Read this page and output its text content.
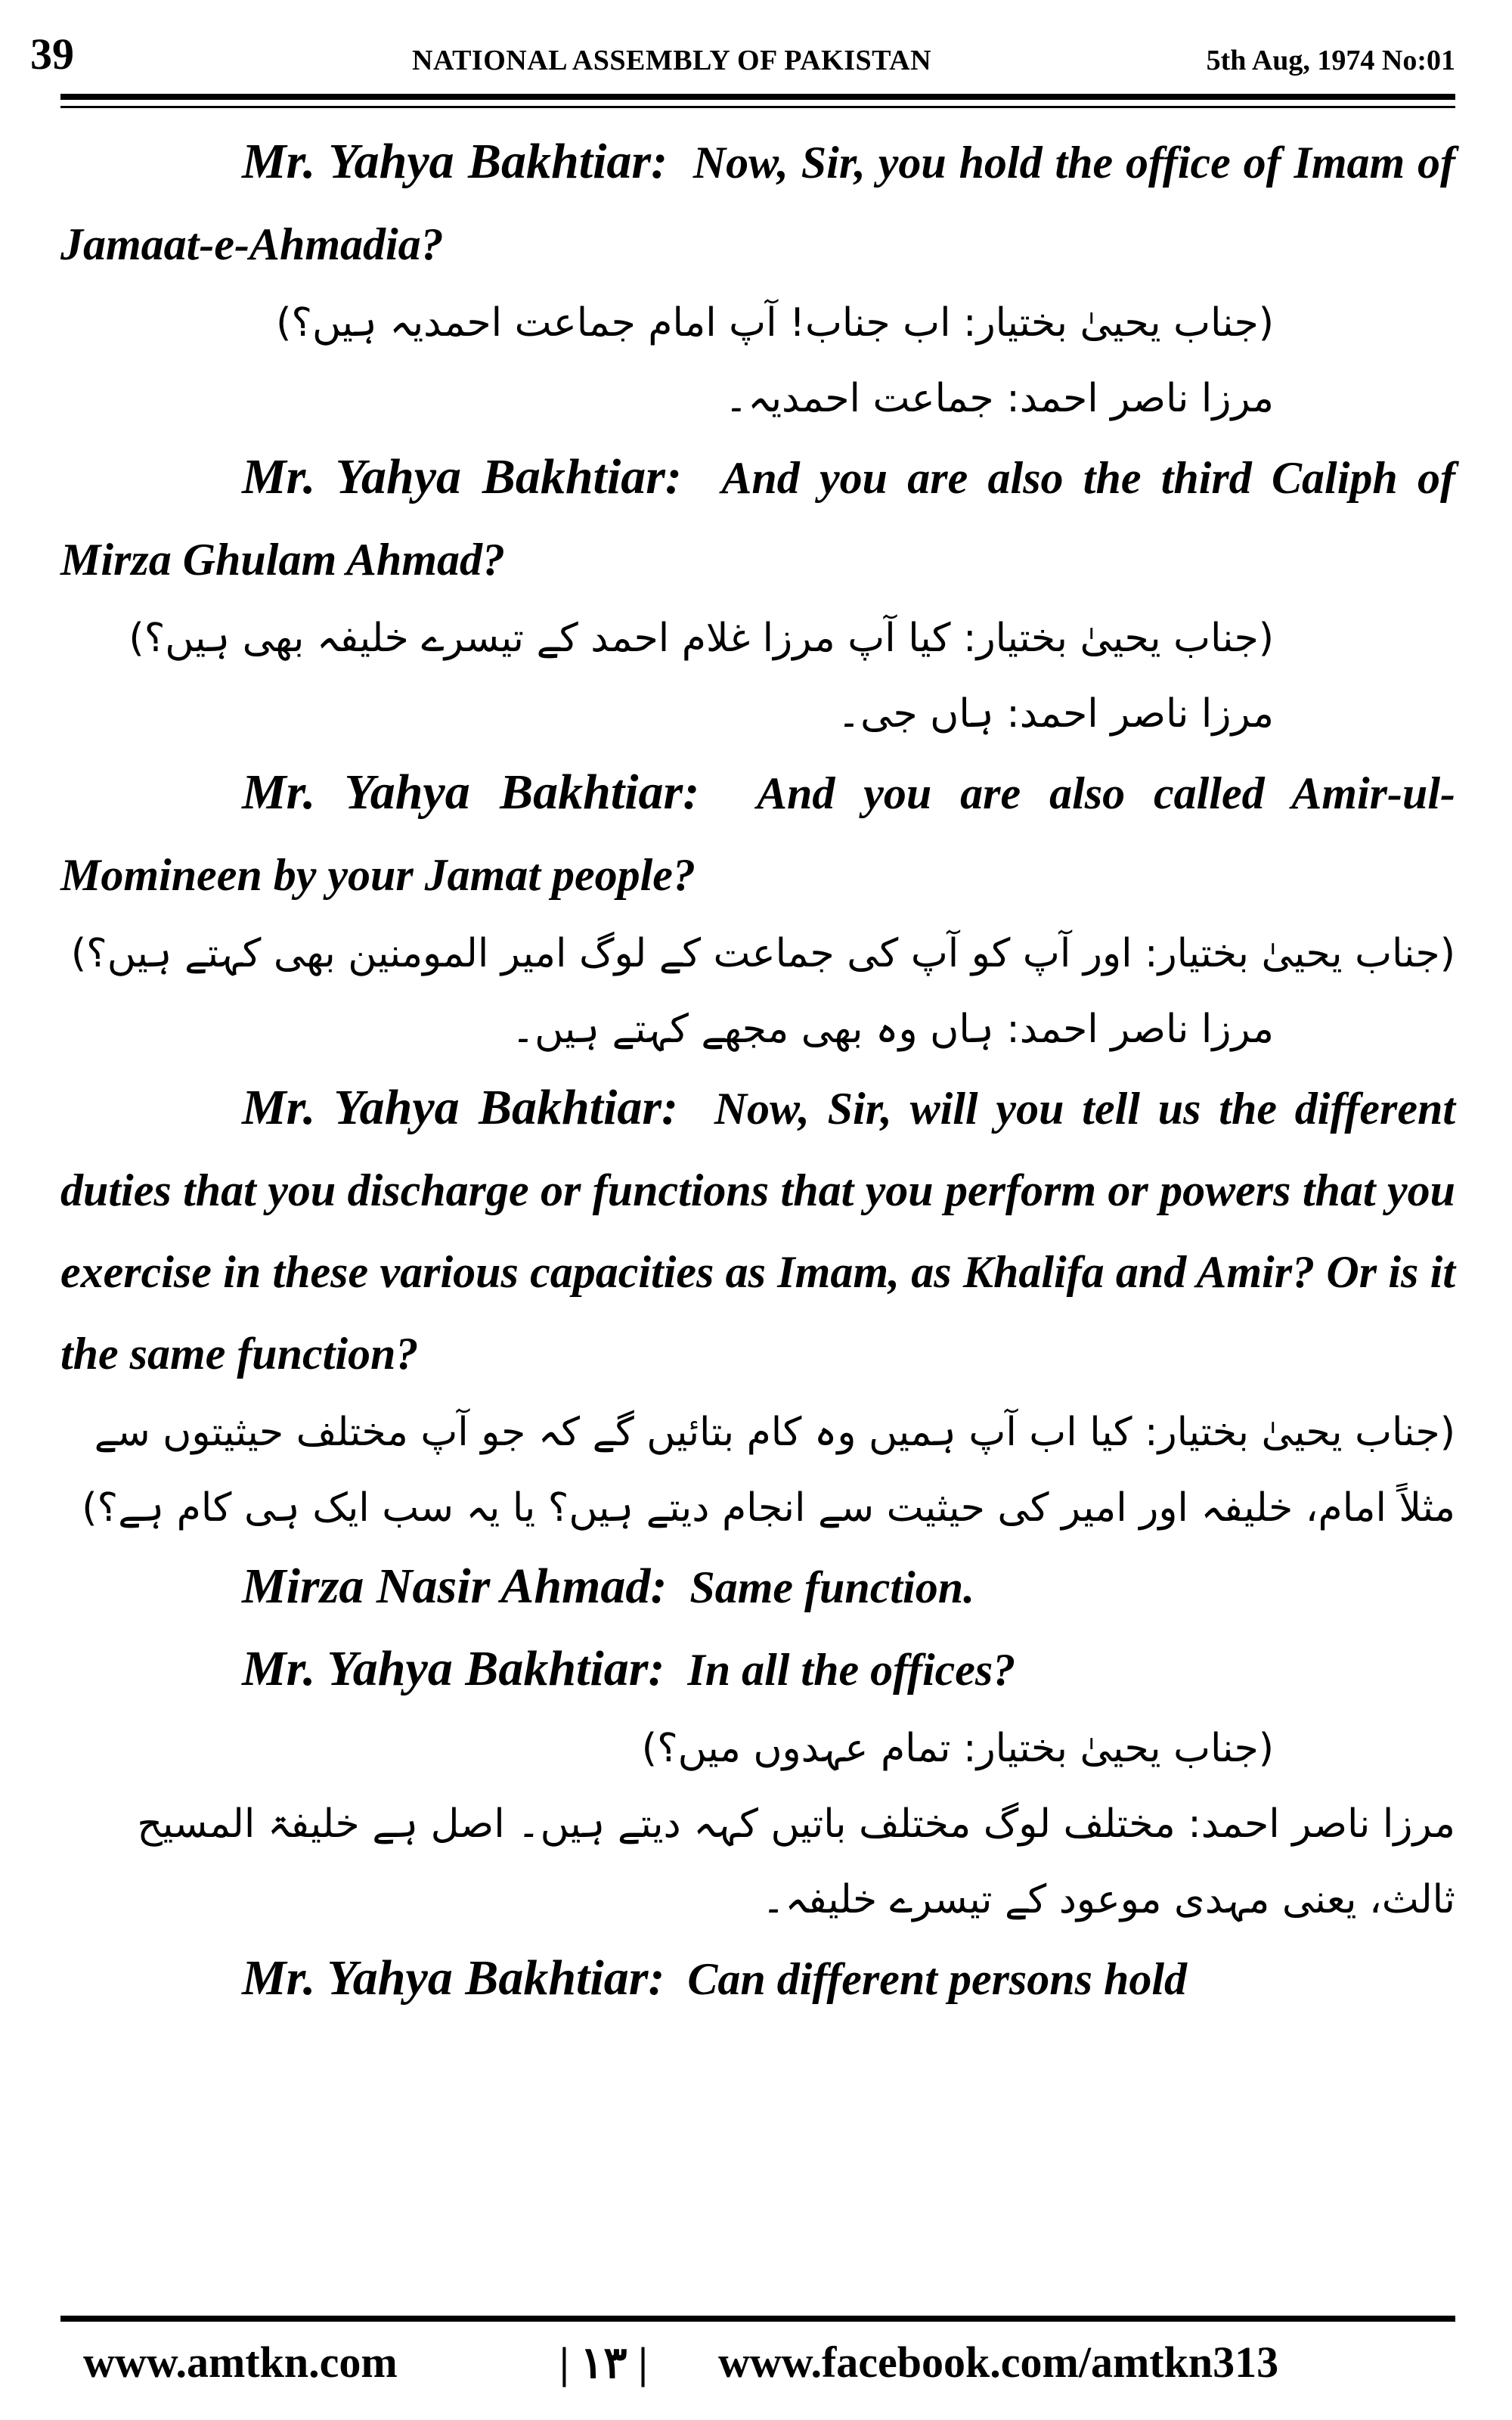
39	NATIONAL ASSEMBLY OF PAKISTAN	5th Aug, 1974 No:01

Mr. Yahya Bakhtiar: Now, Sir, you hold the office of Imam of Jamaat-e-Ahmadia?

(جناب یحییٰ بختیار: اب جناب! آپ امام جماعت احمدیہ ہیں؟)

مرزا ناصر احمد: جماعت احمدیہ۔

Mr. Yahya Bakhtiar: And you are also the third Caliph of Mirza Ghulam Ahmad?

(جناب یحییٰ بختیار: کیا آپ مرزا غلام احمد کے تیسرے خلیفہ بھی ہیں؟)

مرزا ناصر احمد: ہاں جی۔

Mr. Yahya Bakhtiar: And you are also called Amir-ul-Momineen by your Jamat people?

(جناب یحییٰ بختیار: اور آپ کو آپ کی جماعت کے لوگ امیر المومنین بھی کہتے ہیں؟)

مرزا ناصر احمد: ہاں وہ بھی مجھے کہتے ہیں۔

Mr. Yahya Bakhtiar: Now, Sir, will you tell us the different duties that you discharge or functions that you perform or powers that you exercise in these various capacities as Imam, as Khalifa and Amir? Or is it the same function?

(جناب یحییٰ بختیار: کیا اب آپ ہمیں وہ کام بتائیں گے کہ جو آپ مختلف حیثیتوں سے مثلاً امام، خلیفہ اور امیر کی حیثیت سے انجام دیتے ہیں؟ یا یہ سب ایک ہی کام ہے؟)

Mirza Nasir Ahmad: Same function.

Mr. Yahya Bakhtiar: In all the offices?

(جناب یحییٰ بختیار: تمام عہدوں میں؟)

مرزا ناصر احمد: مختلف لوگ مختلف باتیں کہہ دیتے ہیں۔ اصل ہے خلیفۃ المسیح ثالث، یعنی مہدی موعود کے تیسرے خلیفہ۔

Mr. Yahya Bakhtiar: Can different persons hold

www.amtkn.com	| ۱۳ | www.facebook.com/amtkn313
